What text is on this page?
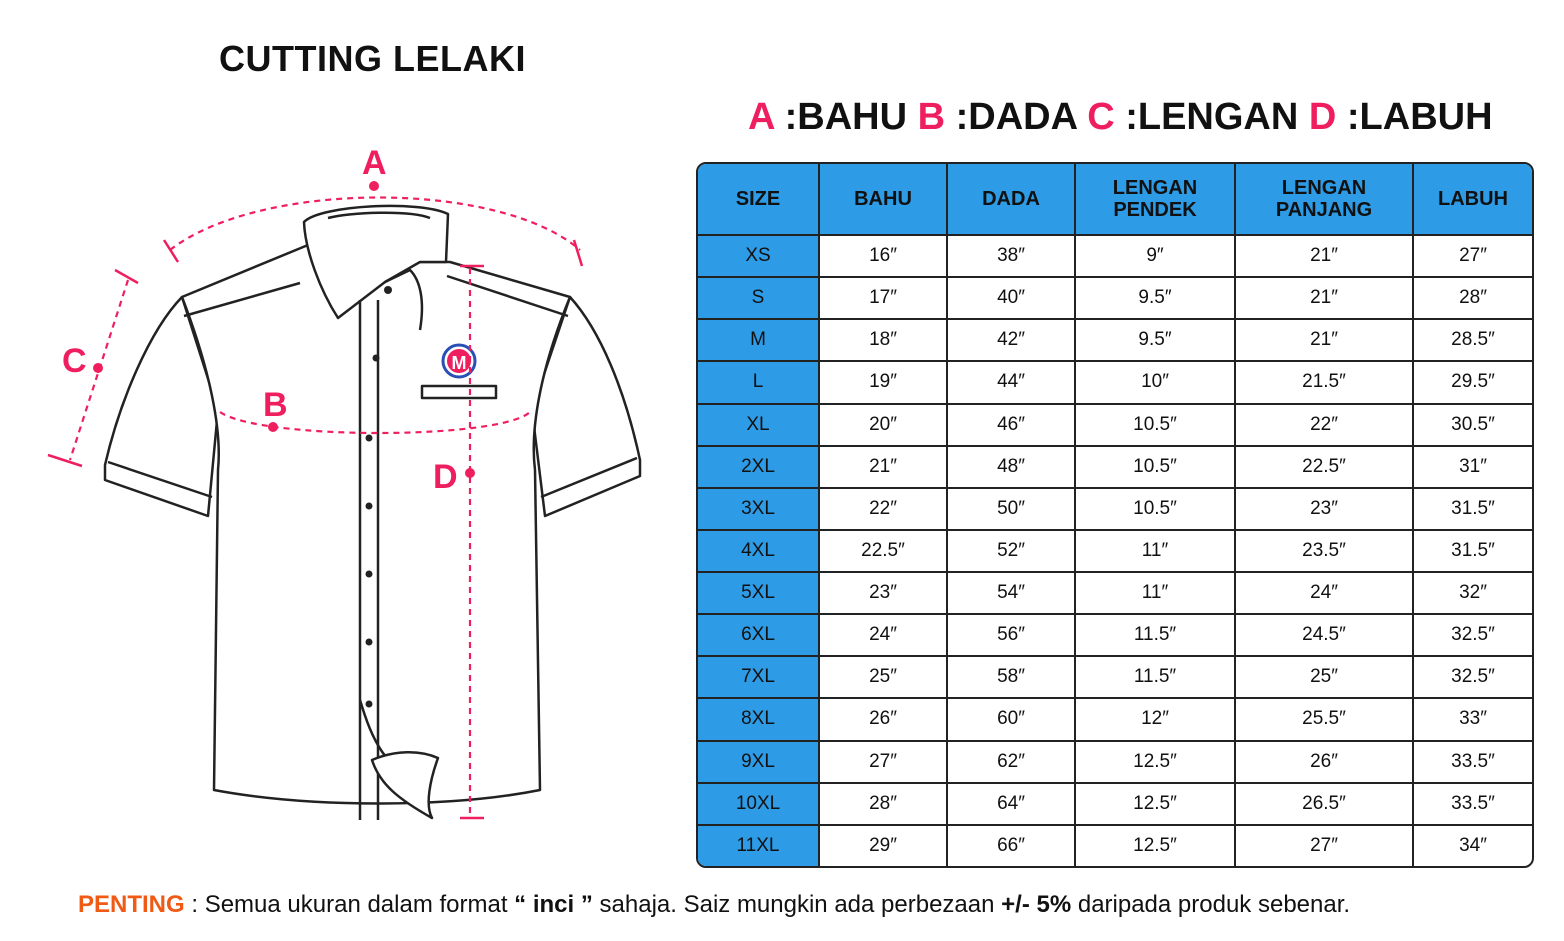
CUTTING LELAKI
A :BAHU B :DADA C :LENGAN D :LABUH
M
A
B
C
D
SIZE	BAHU	DADA	LENGAN PENDEK	LENGAN PANJANG	LABUH
XS	16″	38″	9″	21″	27″
S	17″	40″	9.5″	21″	28″
M	18″	42″	9.5″	21″	28.5″
L	19″	44″	10″	21.5″	29.5″
XL	20″	46″	10.5″	22″	30.5″
2XL	21″	48″	10.5″	22.5″	31″
3XL	22″	50″	10.5″	23″	31.5″
4XL	22.5″	52″	11″	23.5″	31.5″
5XL	23″	54″	11″	24″	32″
6XL	24″	56″	11.5″	24.5″	32.5″
7XL	25″	58″	11.5″	25″	32.5″
8XL	26″	60″	12″	25.5″	33″
9XL	27″	62″	12.5″	26″	33.5″
10XL	28″	64″	12.5″	26.5″	33.5″
11XL	29″	66″	12.5″	27″	34″
PENTING : Semua ukuran dalam format “ inci ” sahaja. Saiz mungkin ada perbezaan +/- 5% daripada produk sebenar.
